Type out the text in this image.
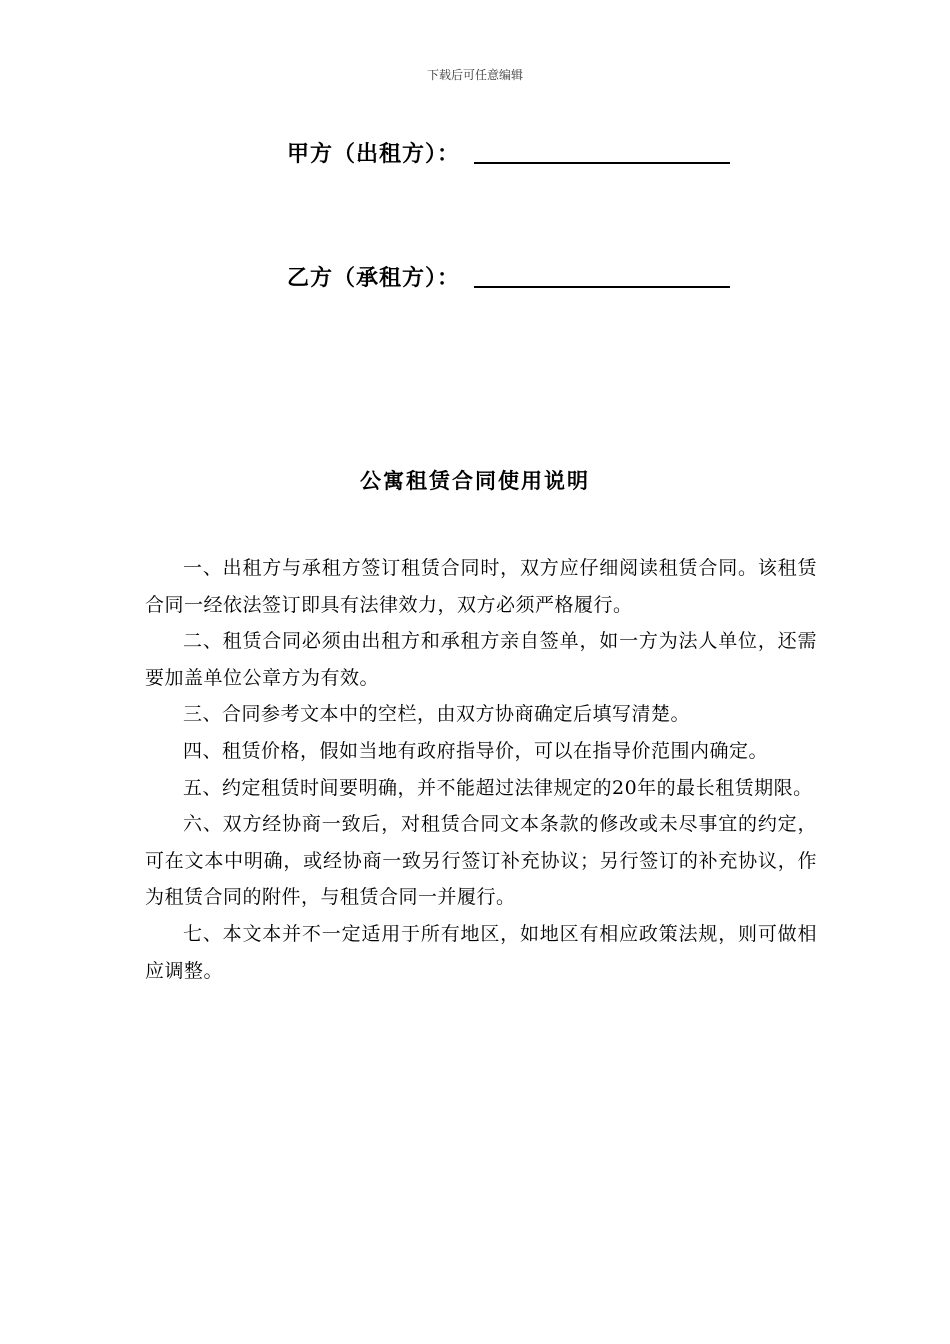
下载后可任意编辑
甲方（出租方）：
乙方（承租方）：
公寓租赁合同使用说明

一、出租方与承租方签订租赁合同时，双方应仔细阅读租赁合同。该租赁合同一经依法签订即具有法律效力，双方必须严格履行。

二、租赁合同必须由出租方和承租方亲自签单，如一方为法人单位，还需要加盖单位公章方为有效。

三、合同参考文本中的空栏，由双方协商确定后填写清楚。

四、租赁价格，假如当地有政府指导价，可以在指导价范围内确定。

五、约定租赁时间要明确，并不能超过法律规定的20年的最长租赁期限。

六、双方经协商一致后，对租赁合同文本条款的修改或未尽事宜的约定，可在文本中明确，或经协商一致另行签订补充协议；另行签订的补充协议，作为租赁合同的附件，与租赁合同一并履行。

七、本文本并不一定适用于所有地区，如地区有相应政策法规，则可做相应调整。
